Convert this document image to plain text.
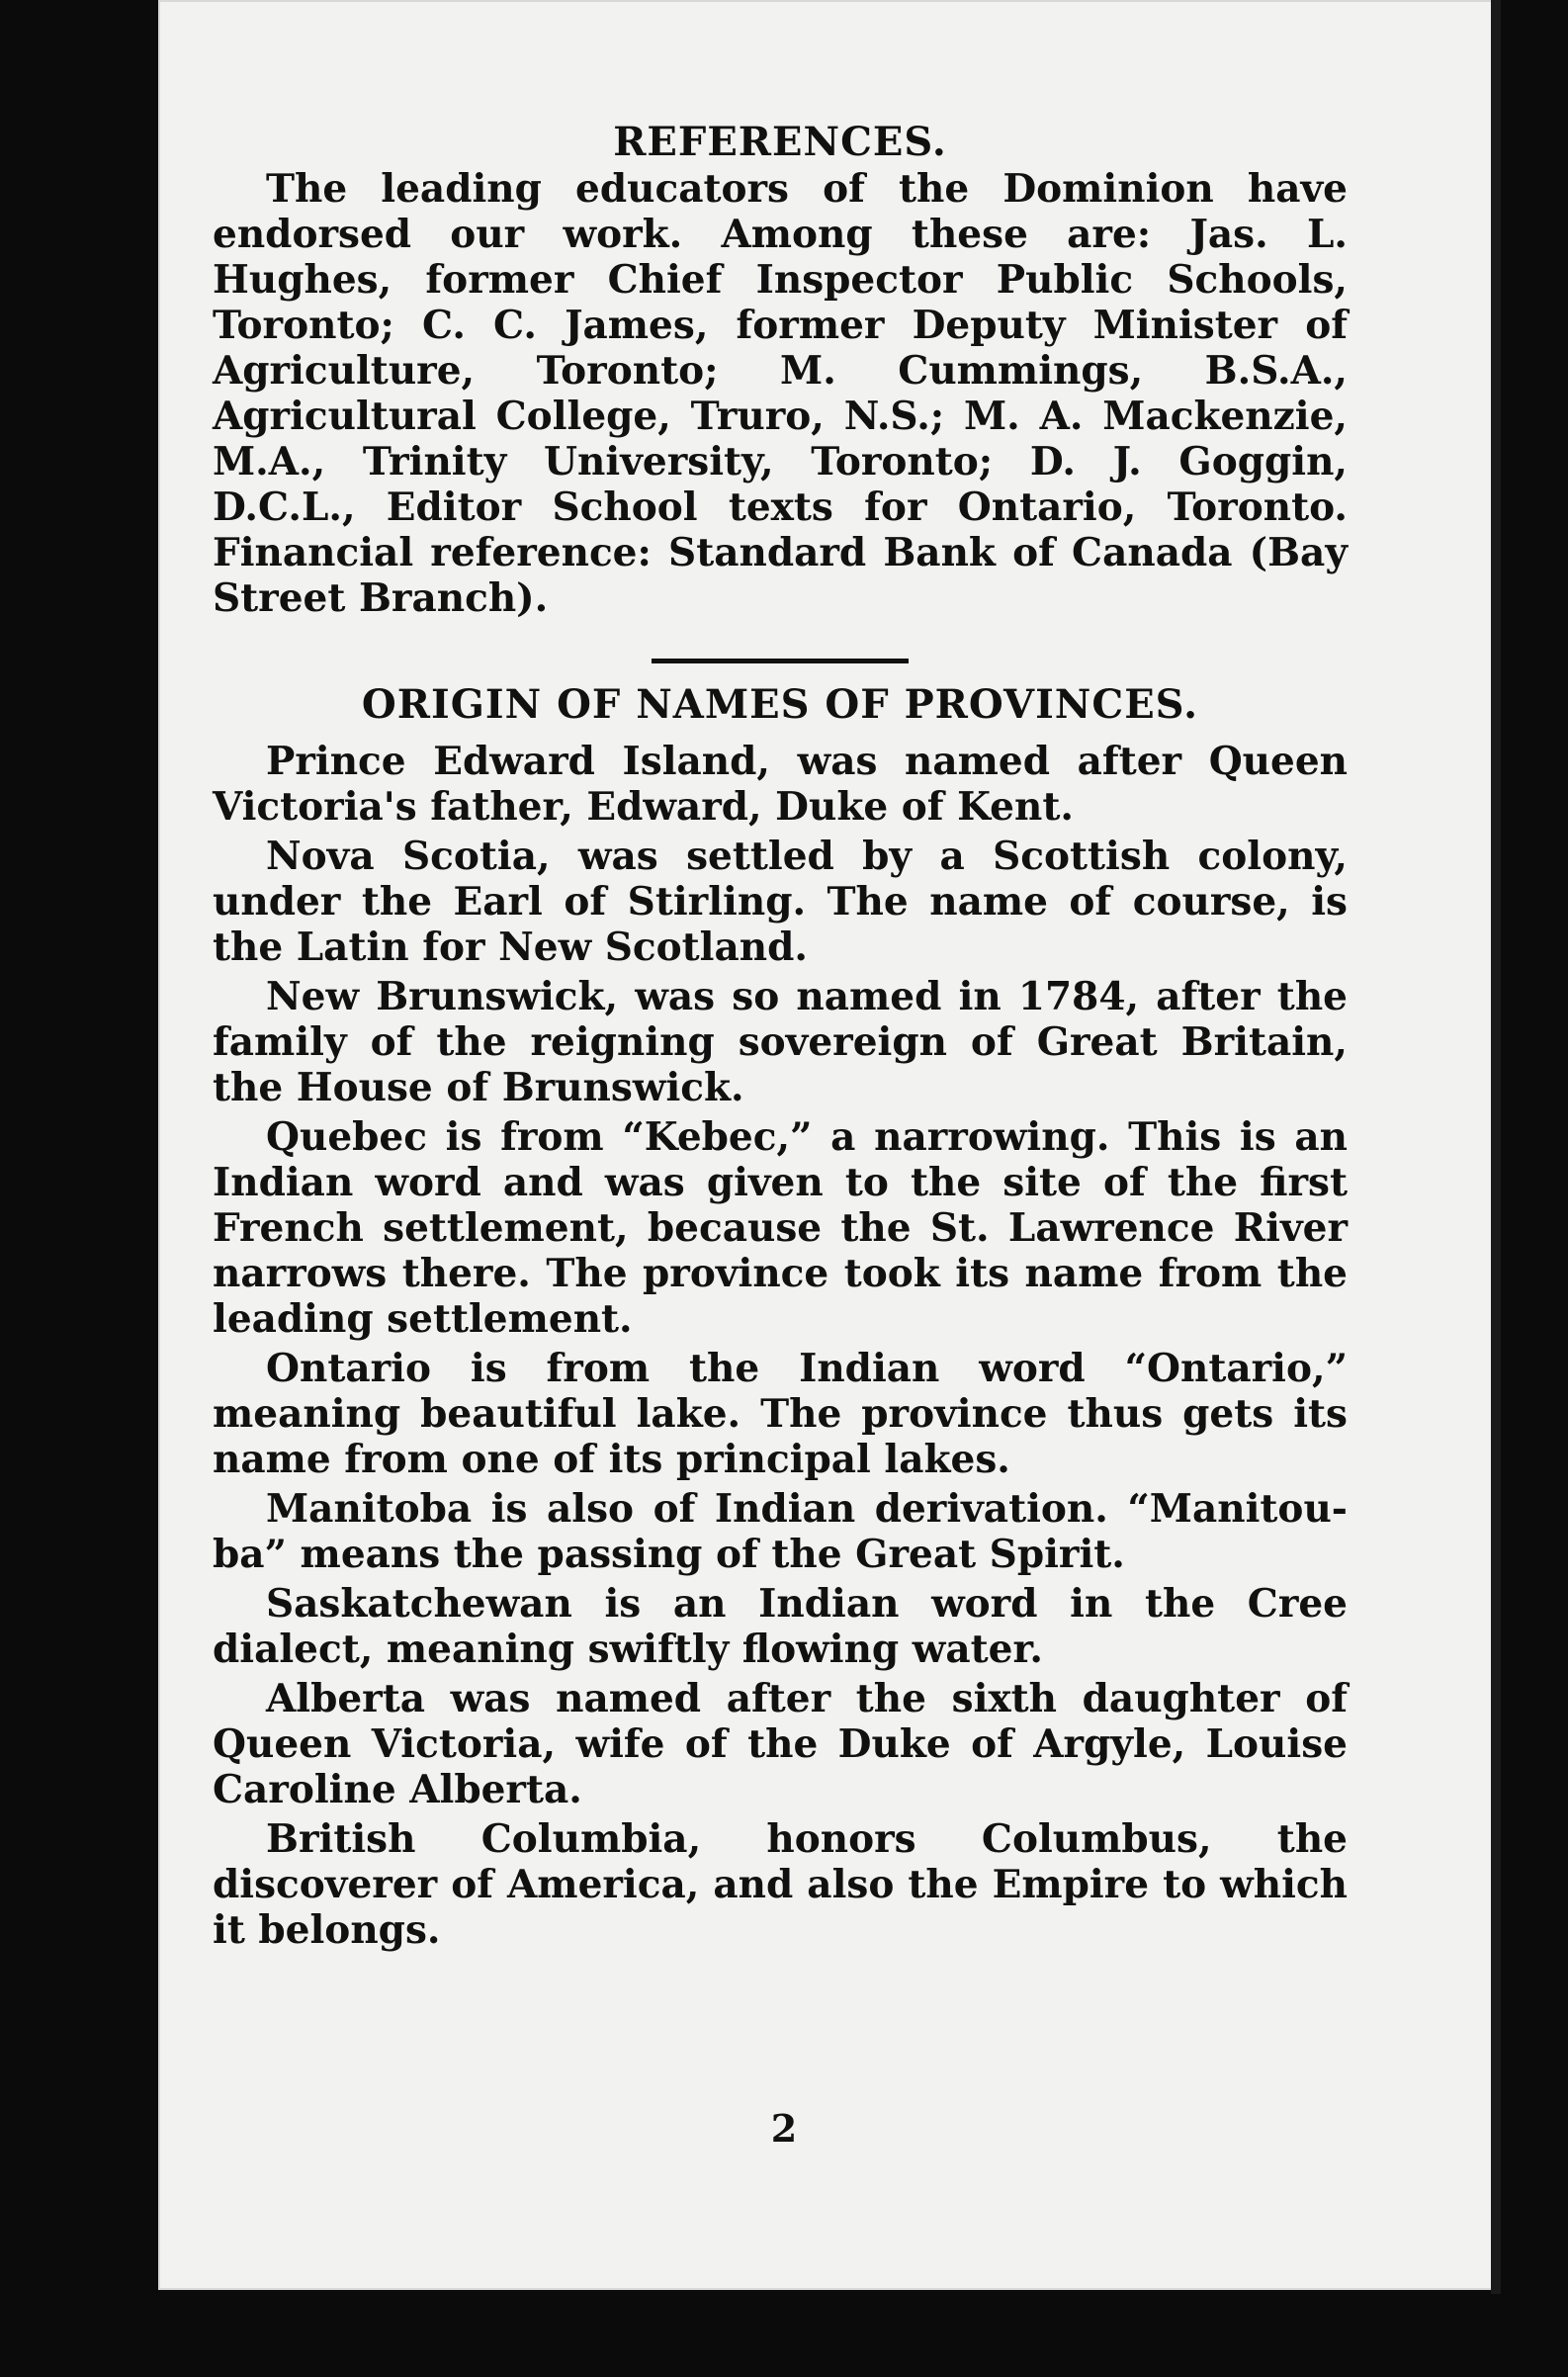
REFERENCES.

The leading educators of the Dominion have endorsed our work. Among these are: Jas. L. Hughes, former Chief Inspector Public Schools, Toronto; C. C. James, former Deputy Minister of Agriculture, Toronto; M. Cummings, B.S.A., Agricultural College, Truro, N.S.; M. A. Mackenzie, M.A., Trinity University, Toronto; D. J. Goggin, D.C.L., Editor School texts for Ontario, Toronto. Financial reference: Standard Bank of Canada (Bay Street Branch).

ORIGIN OF NAMES OF PROVINCES.

Prince Edward Island, was named after Queen Victoria's father, Edward, Duke of Kent.

Nova Scotia, was settled by a Scottish colony, under the Earl of Stirling. The name of course, is the Latin for New Scotland.

New Brunswick, was so named in 1784, after the family of the reigning sovereign of Great Britain, the House of Brunswick.

Quebec is from “Kebec,” a narrowing. This is an Indian word and was given to the site of the first French settlement, because the St. Lawrence River narrows there. The province took its name from the leading settlement.

Ontario is from the Indian word “Ontario,” meaning beautiful lake. The province thus gets its name from one of its principal lakes.

Manitoba is also of Indian derivation. “Manitou-ba” means the passing of the Great Spirit.

Saskatchewan is an Indian word in the Cree dialect, meaning swiftly flowing water.

Alberta was named after the sixth daughter of Queen Victoria, wife of the Duke of Argyle, Louise Caroline Alberta.

British Columbia, honors Columbus, the discoverer of America, and also the Empire to which it belongs.

2
